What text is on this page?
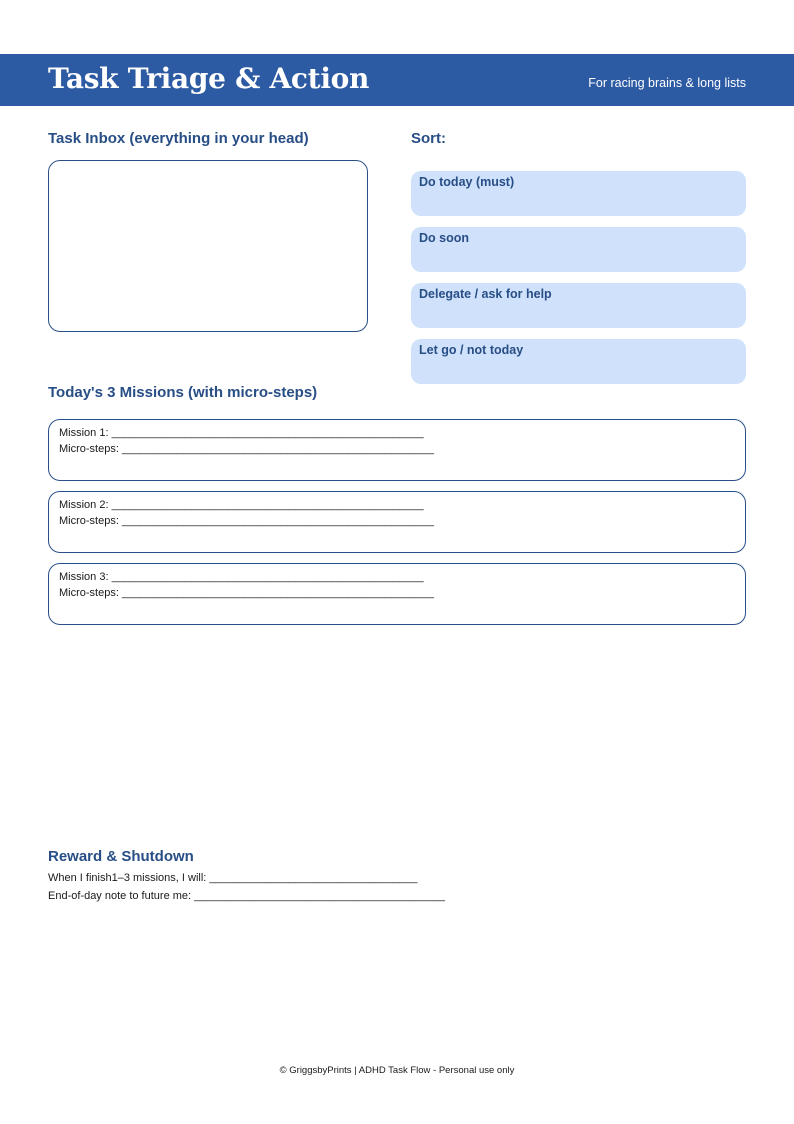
Task Triage & Action	For racing brains & long lists
Task Inbox (everything in your head)	Sort:
Do today (must)
Do soon
Delegate / ask for help
Let go / not today
Today's 3 Missions (with micro-steps)
Mission 1: ___________________________________________________
Micro-steps: ___________________________________________________
Mission 2: ___________________________________________________
Micro-steps: ___________________________________________________
Mission 3: ___________________________________________________
Micro-steps: ___________________________________________________
Reward & Shutdown
When I finish1–3 missions, I will: __________________________________
End-of-day note to future me: _________________________________________
© GriggsbyPrints | ADHD Task Flow - Personal use only
